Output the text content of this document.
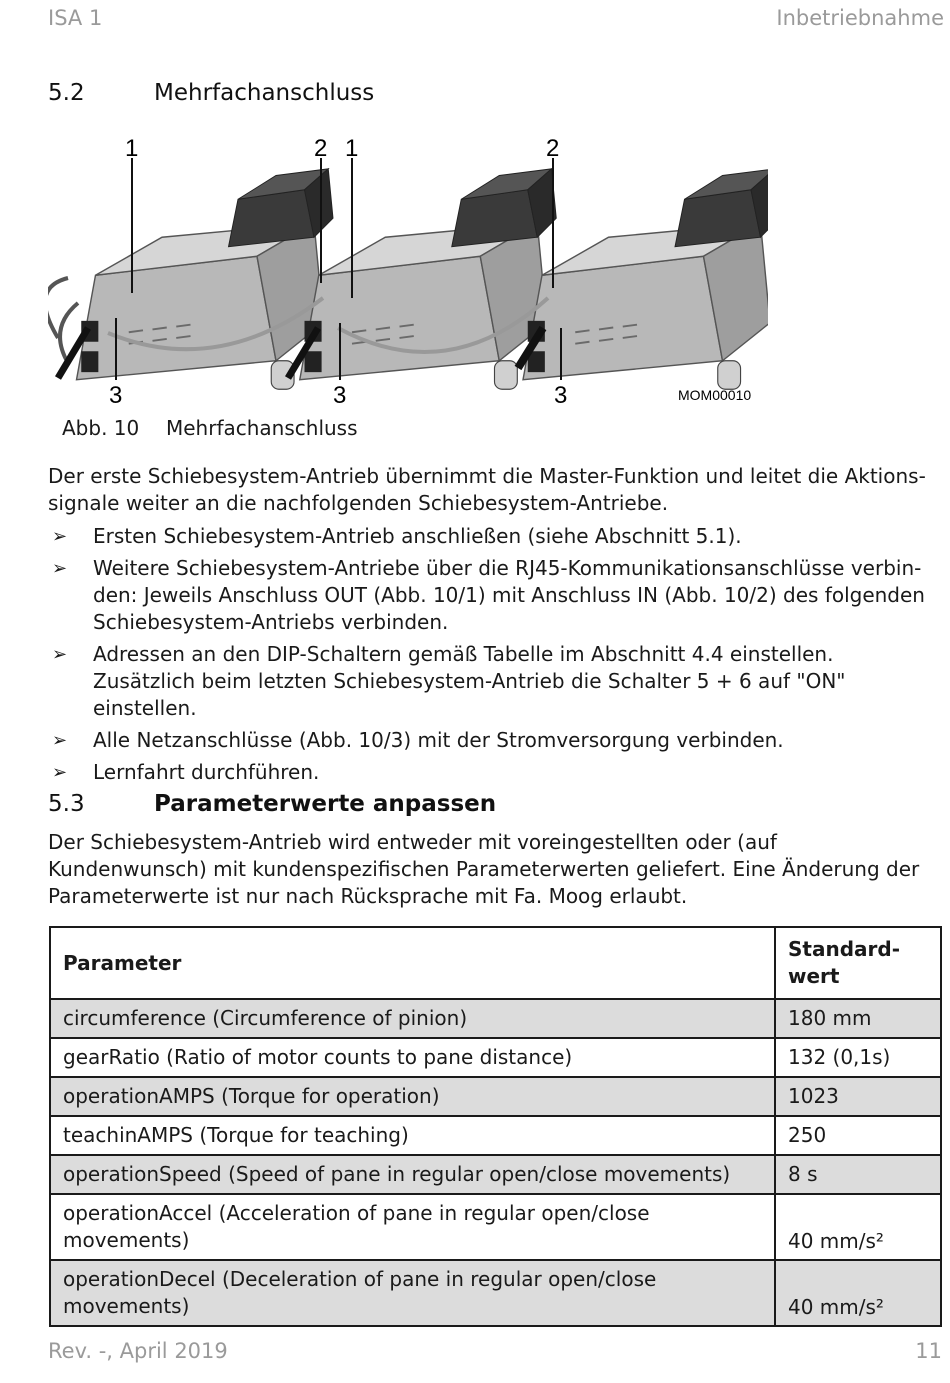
ISA 1	Inbetriebnahme
5.2	Mehrfachanschluss
1	2 1	2
3	3	3	MOM00010
Abb. 10 Mehrfachanschluss

Der erste Schiebesystem-Antrieb übernimmt die Master-Funktion und leitet die Aktions-signale weiter an die nachfolgenden Schiebesystem-Antriebe.

➢ Ersten Schiebesystem-Antrieb anschließen (siehe Abschnitt 5.1).
➢ Weitere Schiebesystem-Antriebe über die RJ45-Kommunikationsanschlüsse verbin-den: Jeweils Anschluss OUT (Abb. 10/1) mit Anschluss IN (Abb. 10/2) des folgenden Schiebesystem-Antriebs verbinden.
➢ Adressen an den DIP-Schaltern gemäß Tabelle im Abschnitt 4.4 einstellen. Zusätzlich beim letzten Schiebesystem-Antrieb die Schalter 5 + 6 auf "ON" einstellen.
➢ Alle Netzanschlüsse (Abb. 10/3) mit der Stromversorgung verbinden.
➢ Lernfahrt durchführen.
5.3	Parameterwerte anpassen

Der Schiebesystem-Antrieb wird entweder mit voreingestellten oder (auf Kundenwunsch) mit kundenspezifischen Parameterwerten geliefert. Eine Änderung der Parameterwerte ist nur nach Rücksprache mit Fa. Moog erlaubt.

Parameter	Standard-wert
circumference (Circumference of pinion)	180 mm
gearRatio (Ratio of motor counts to pane distance)	132 (0,1s)
operationAMPS (Torque for operation)	1023
teachinAMPS (Torque for teaching)	250
operationSpeed (Speed of pane in regular open/close movements)	8 s
operationAccel (Acceleration of pane in regular open/close movements)	40 mm/s²
operationDecel (Deceleration of pane in regular open/close movements)	40 mm/s²
Rev. -, April 2019	11
